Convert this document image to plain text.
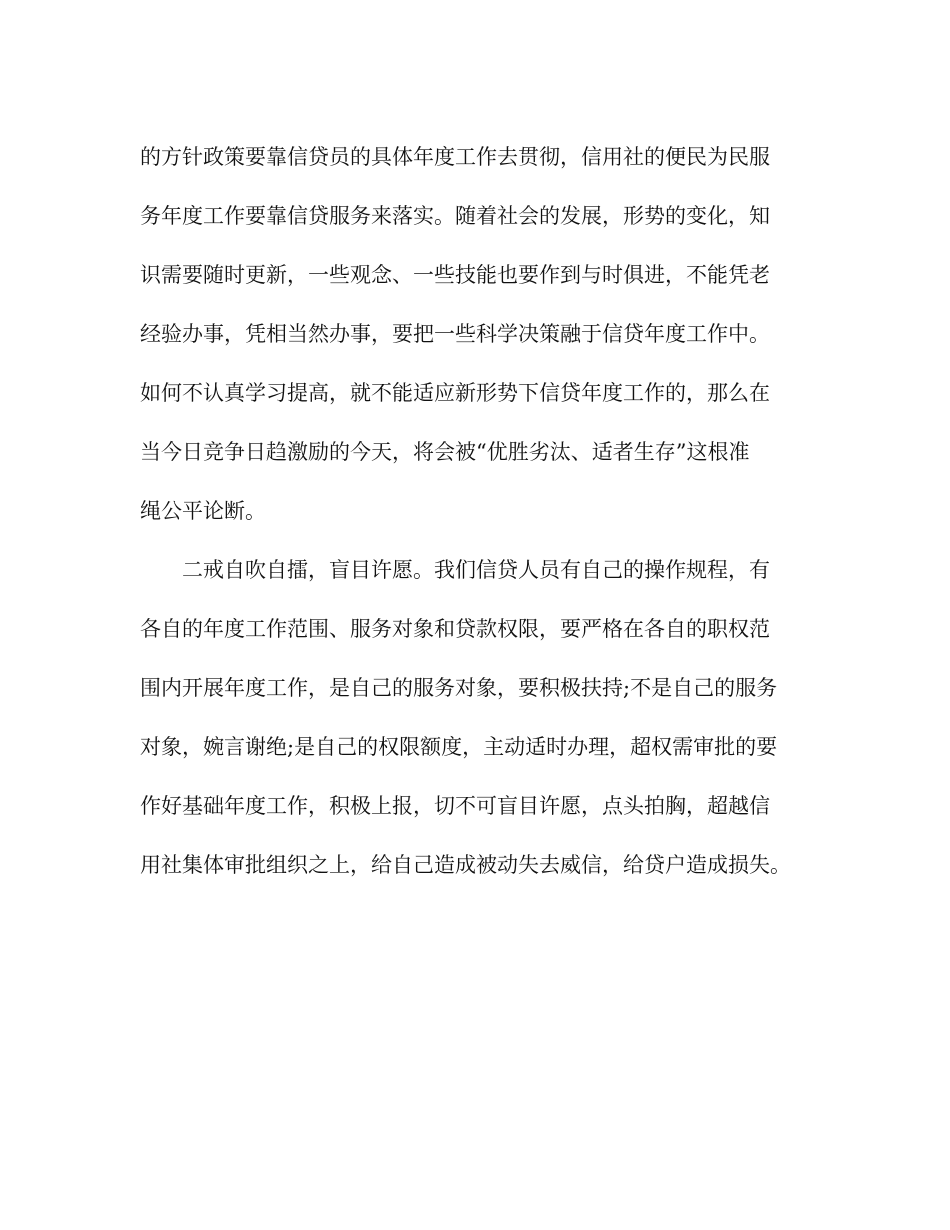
的方针政策要靠信贷员的具体年度工作去贯彻，信用社的便民为民服
务年度工作要靠信贷服务来落实。随着社会的发展，形势的变化，知
识需要随时更新，一些观念、一些技能也要作到与时俱进，不能凭老
经验办事，凭相当然办事，要把一些科学决策融于信贷年度工作中。
如何不认真学习提高，就不能适应新形势下信贷年度工作的，那么在
当今日竞争日趋激励的今天，将会被“优胜劣汰、适者生存”这根准
绳公平论断。
二戒自吹自擂，盲目许愿。我们信贷人员有自己的操作规程，有
各自的年度工作范围、服务对象和贷款权限，要严格在各自的职权范
围内开展年度工作，是自己的服务对象，要积极扶持;不是自己的服务
对象，婉言谢绝;是自己的权限额度，主动适时办理，超权需审批的要
作好基础年度工作，积极上报，切不可盲目许愿，点头拍胸，超越信
用社集体审批组织之上，给自己造成被动失去威信，给贷户造成损失。
